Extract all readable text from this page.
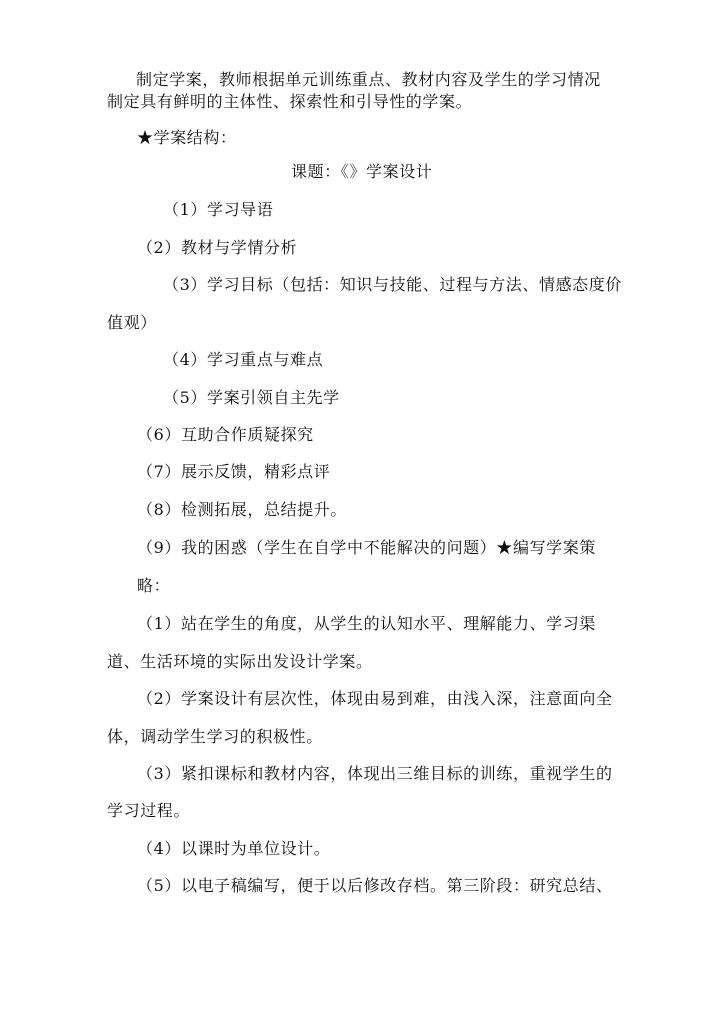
制定学案，教师根据单元训练重点、教材内容及学生的学习情况
制定具有鲜明的主体性、探索性和引导性的学案。
★学案结构：
课题：《》学案设计
（1）学习导语
（2）教材与学情分析
（3）学习目标（包括：知识与技能、过程与方法、情感态度价
值观）
（4）学习重点与难点
（5）学案引领自主先学
（6）互助合作质疑探究
（7）展示反馈，精彩点评
（8）检测拓展，总结提升。
（9）我的困惑（学生在自学中不能解决的问题）★编写学案策
略：
（1）站在学生的角度，从学生的认知水平、理解能力、学习渠
道、生活环境的实际出发设计学案。
（2）学案设计有层次性，体现由易到难，由浅入深，注意面向全
体，调动学生学习的积极性。
（3）紧扣课标和教材内容，体现出三维目标的训练，重视学生的
学习过程。
（4）以课时为单位设计。
（5）以电子稿编写，便于以后修改存档。第三阶段：研究总结、
